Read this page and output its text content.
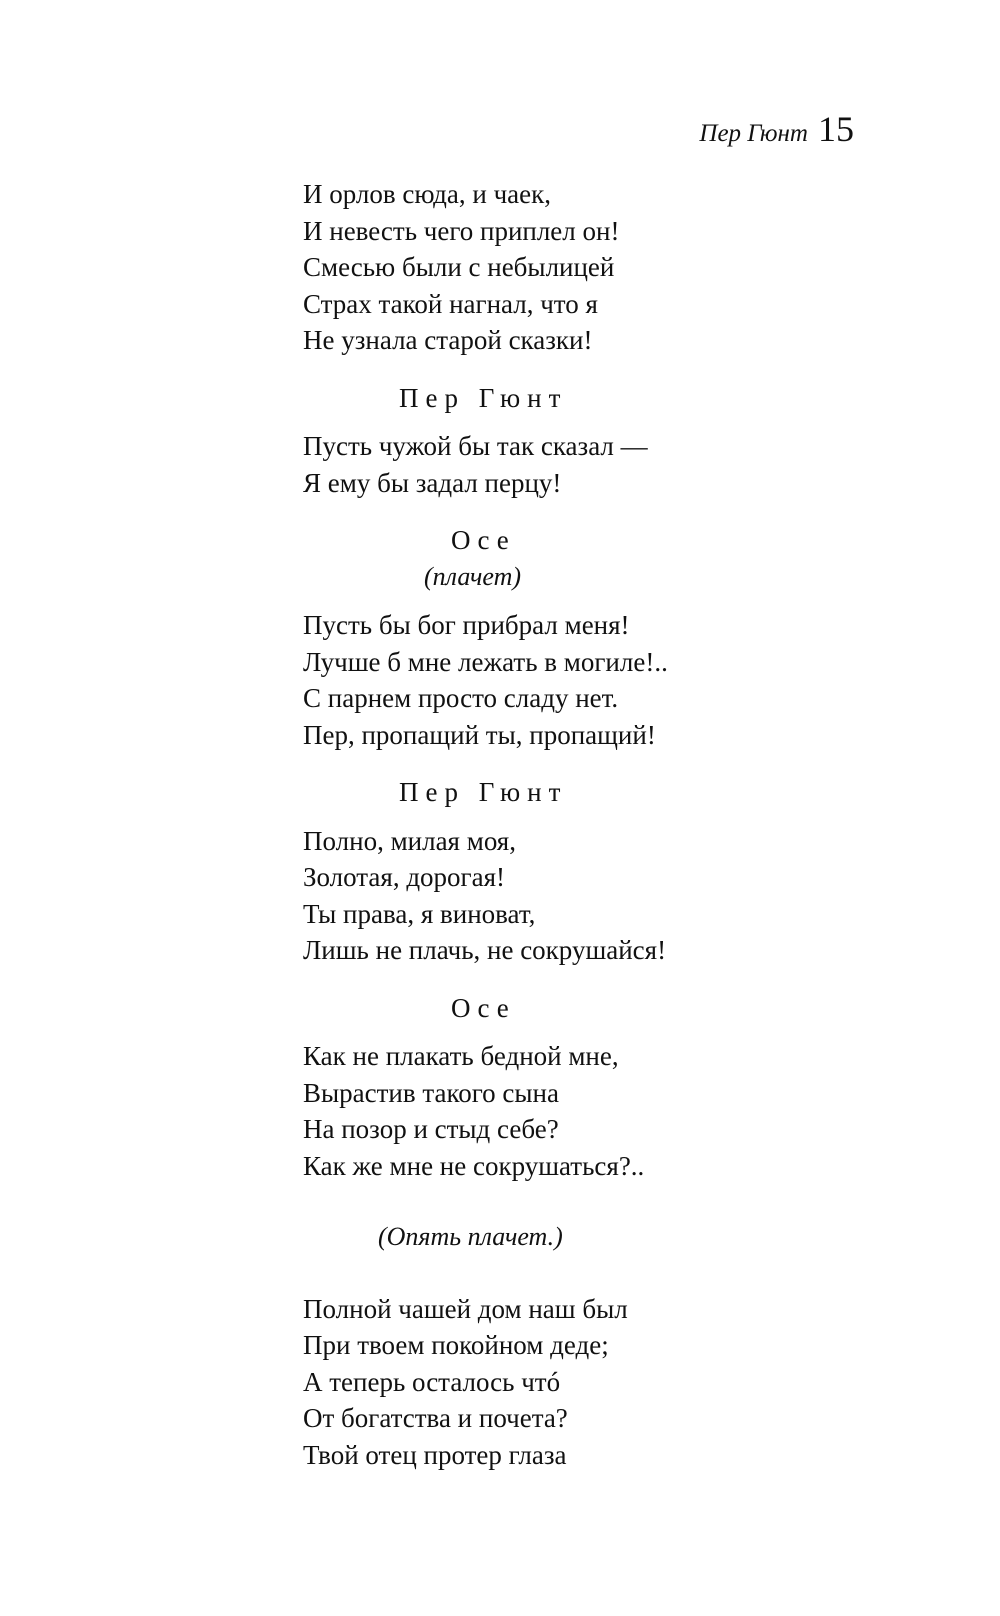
Пер Гюнт 15
И орлов сюда, и чаек,
И невесть чего приплел он!
Смесью были с небылицей
Страх такой нагнал, что я
Не узнала старой сказки!
Пер Гюнт
Пусть чужой бы так сказал —
Я ему бы задал перцу!
Осе
(плачет)
Пусть бы бог прибрал меня!
Лучше б мне лежать в могиле!..
С парнем просто сладу нет.
Пер, пропащий ты, пропащий!
Пер Гюнт
Полно, милая моя,
Золотая, дорогая!
Ты права, я виноват,
Лишь не плачь, не сокрушайся!
Осе
Как не плакать бедной мне,
Вырастив такого сына
На позор и стыд себе?
Как же мне не сокрушаться?..
(Опять плачет.)
Полной чашей дом наш был
При твоем покойном деде;
А теперь осталось чтó
От богатства и почета?
Твой отец протер глаза
